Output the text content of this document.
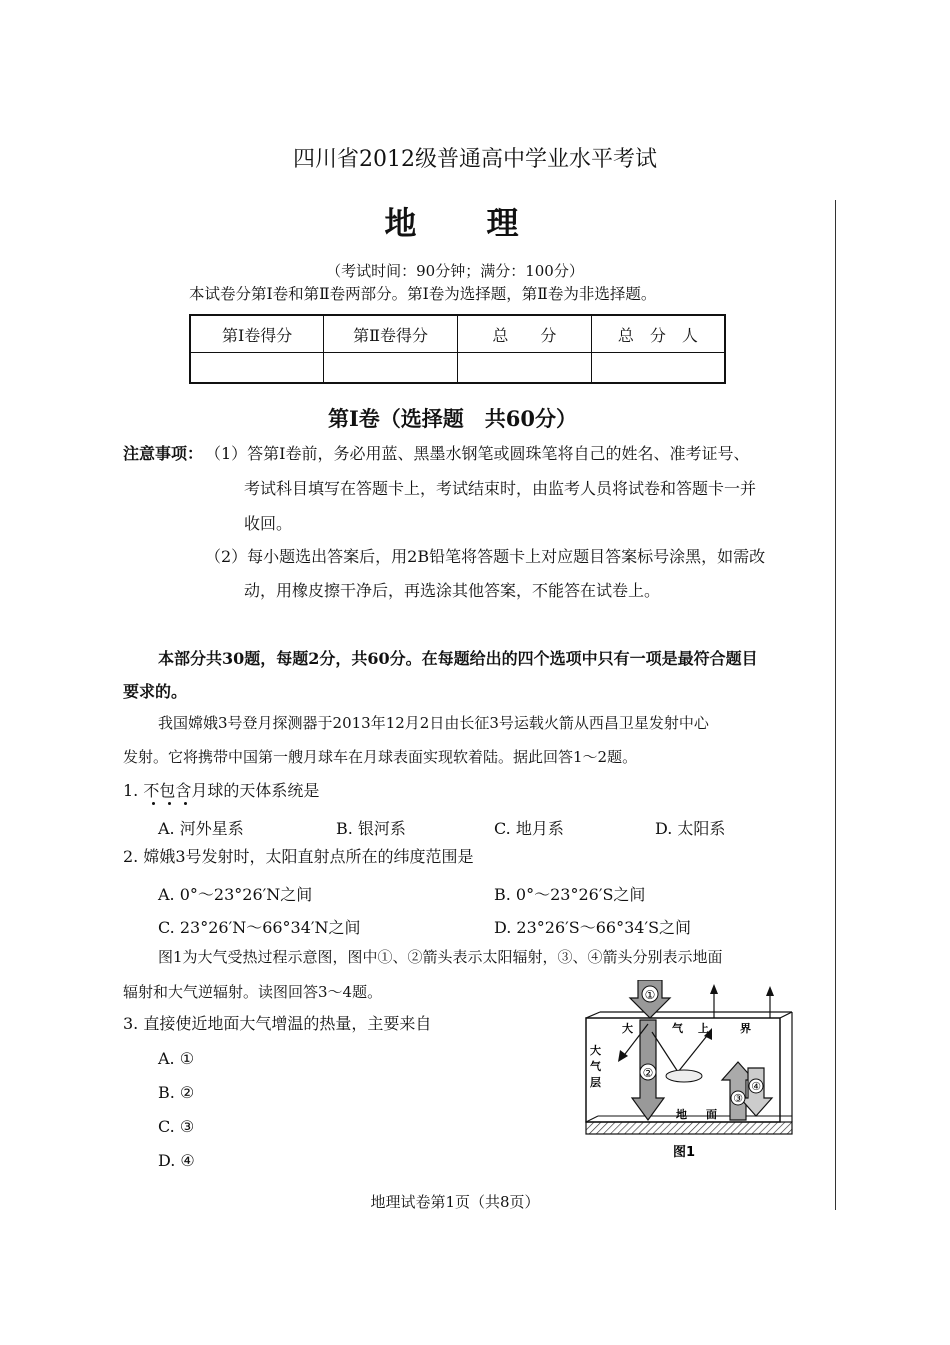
四川省2012级普通高中学业水平考试
地　　理
（考试时间：90分钟；满分：100分）
本试卷分第Ⅰ卷和第Ⅱ卷两部分。第Ⅰ卷为选择题，第Ⅱ卷为非选择题。
第Ⅰ卷得分	第Ⅱ卷得分	总　　分	总　分　人

第Ⅰ卷（选择题　共60分）
注意事项： （1）答第Ⅰ卷前，务必用蓝、黑墨水钢笔或圆珠笔将自己的姓名、准考证号、
考试科目填写在答题卡上，考试结束时，由监考人员将试卷和答题卡一并
收回。
（2）每小题选出答案后，用2B铅笔将答题卡上对应题目答案标号涂黑，如需改
动，用橡皮擦干净后，再选涂其他答案，不能答在试卷上。
本部分共30题，每题2分，共60分。在每题给出的四个选项中只有一项是最符合题目
要求的。
我国嫦娥3号登月探测器于2013年12月2日由长征3号运载火箭从西昌卫星发射中心
发射。它将携带中国第一艘月球车在月球表面实现软着陆。据此回答1～2题。
1. 不包含月球的天体系统是
A. 河外星系	B. 银河系	C. 地月系	D. 太阳系
2. 嫦娥3号发射时，太阳直射点所在的纬度范围是
A. 0°～23°26′N之间	B. 0°～23°26′S之间
C. 23°26′N～66°34′N之间	D. 23°26′S～66°34′S之间
图1为大气受热过程示意图，图中①、②箭头表示太阳辐射，③、④箭头分别表示地面
辐射和大气逆辐射。读图回答3～4题。
3. 直接使近地面大气增温的热量，主要来自
A. ①
B. ②
C. ③
D. ④
①
②
③
④
大	气 上	界
大
气
层
地 面
图1
地理试卷第1页（共8页）
